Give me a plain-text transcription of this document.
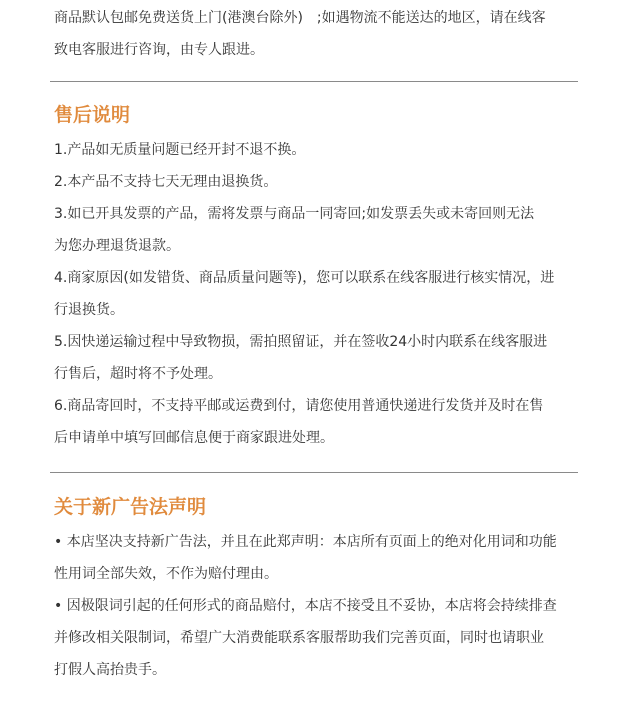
商品默认包邮免费送货上门(港澳台除外)　;如遇物流不能送达的地区，请在线客
致电客服进行咨询，由专人跟进。
售后说明
1.产品如无质量问题已经开封不退不换。
2.本产品不支持七天无理由退换货。
3.如已开具发票的产品，需将发票与商品一同寄回;如发票丢失或未寄回则无法
为您办理退货退款。
4.商家原因(如发错货、商品质量问题等)，您可以联系在线客服进行核实情况，进
行退换货。
5.因快递运输过程中导致物损，需拍照留证，并在签收24小时内联系在线客服进
行售后，超时将不予处理。
6.商品寄回时，不支持平邮或运费到付，请您使用普通快递进行发货并及时在售
后申请单中填写回邮信息便于商家跟进处理。
关于新广告法声明
• 本店坚决支持新广告法，并且在此郑声明：本店所有页面上的绝对化用词和功能
性用词全部失效，不作为赔付理由。
• 因极限词引起的任何形式的商品赔付，本店不接受且不妥协，本店将会持续排查
并修改相关限制词，希望广大消费能联系客服帮助我们完善页面，同时也请职业
打假人高抬贵手。
